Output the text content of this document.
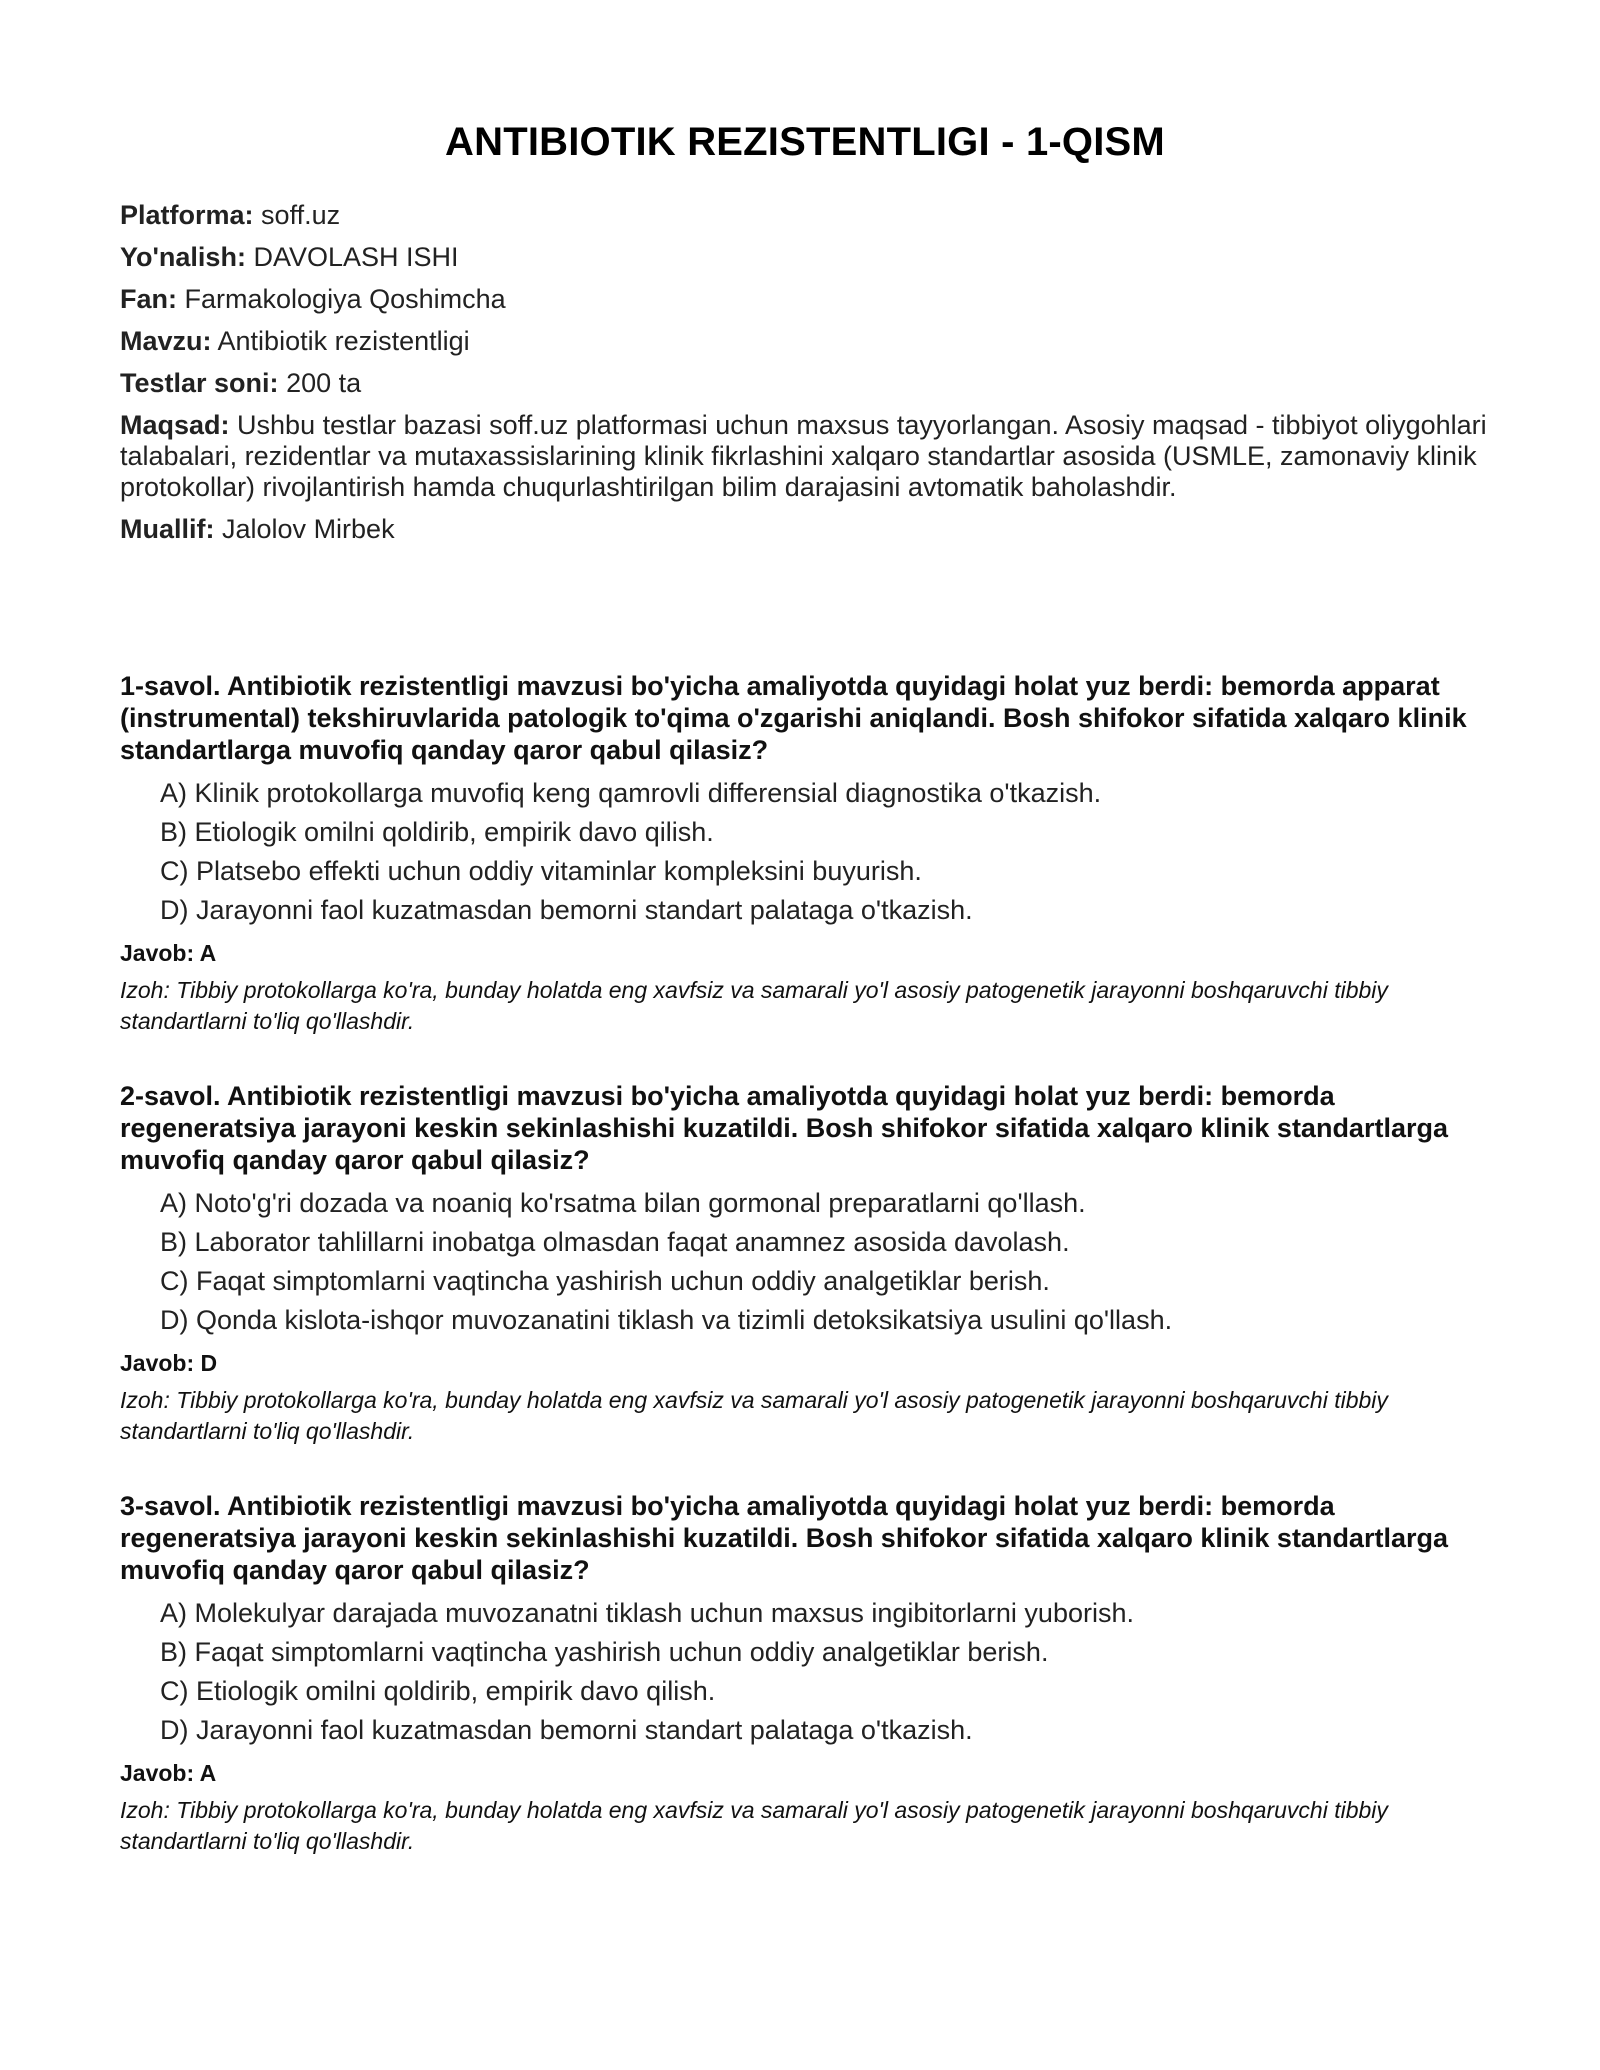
ANTIBIOTIK REZISTENTLIGI - 1-QISM
Platforma: soff.uz
Yo'nalish: DAVOLASH ISHI
Fan: Farmakologiya Qoshimcha
Mavzu: Antibiotik rezistentligi
Testlar soni: 200 ta
Maqsad: Ushbu testlar bazasi soff.uz platformasi uchun maxsus tayyorlangan. Asosiy maqsad - tibbiyot oliygohlari talabalari, rezidentlar va mutaxassislarining klinik fikrlashini xalqaro standartlar asosida (USMLE, zamonaviy klinik protokollar) rivojlantirish hamda chuqurlashtirilgan bilim darajasini avtomatik baholashdir.
Muallif: Jalolov Mirbek

1-savol. Antibiotik rezistentligi mavzusi bo'yicha amaliyotda quyidagi holat yuz berdi: bemorda apparat (instrumental) tekshiruvlarida patologik to'qima o'zgarishi aniqlandi. Bosh shifokor sifatida xalqaro klinik standartlarga muvofiq qanday qaror qabul qilasiz?

A) Klinik protokollarga muvofiq keng qamrovli differensial diagnostika o'tkazish.
B) Etiologik omilni qoldirib, empirik davo qilish.
C) Platsebo effekti uchun oddiy vitaminlar kompleksini buyurish.
D) Jarayonni faol kuzatmasdan bemorni standart palataga o'tkazish.
Javob: A
Izoh: Tibbiy protokollarga ko'ra, bunday holatda eng xavfsiz va samarali yo'l asosiy patogenetik jarayonni boshqaruvchi tibbiy standartlarni to'liq qo'llashdir.

2-savol. Antibiotik rezistentligi mavzusi bo'yicha amaliyotda quyidagi holat yuz berdi: bemorda regeneratsiya jarayoni keskin sekinlashishi kuzatildi. Bosh shifokor sifatida xalqaro klinik standartlarga muvofiq qanday qaror qabul qilasiz?

A) Noto'g'ri dozada va noaniq ko'rsatma bilan gormonal preparatlarni qo'llash.
B) Laborator tahlillarni inobatga olmasdan faqat anamnez asosida davolash.
C) Faqat simptomlarni vaqtincha yashirish uchun oddiy analgetiklar berish.
D) Qonda kislota-ishqor muvozanatini tiklash va tizimli detoksikatsiya usulini qo'llash.
Javob: D
Izoh: Tibbiy protokollarga ko'ra, bunday holatda eng xavfsiz va samarali yo'l asosiy patogenetik jarayonni boshqaruvchi tibbiy standartlarni to'liq qo'llashdir.

3-savol. Antibiotik rezistentligi mavzusi bo'yicha amaliyotda quyidagi holat yuz berdi: bemorda regeneratsiya jarayoni keskin sekinlashishi kuzatildi. Bosh shifokor sifatida xalqaro klinik standartlarga muvofiq qanday qaror qabul qilasiz?

A) Molekulyar darajada muvozanatni tiklash uchun maxsus ingibitorlarni yuborish.
B) Faqat simptomlarni vaqtincha yashirish uchun oddiy analgetiklar berish.
C) Etiologik omilni qoldirib, empirik davo qilish.
D) Jarayonni faol kuzatmasdan bemorni standart palataga o'tkazish.
Javob: A
Izoh: Tibbiy protokollarga ko'ra, bunday holatda eng xavfsiz va samarali yo'l asosiy patogenetik jarayonni boshqaruvchi tibbiy standartlarni to'liq qo'llashdir.
